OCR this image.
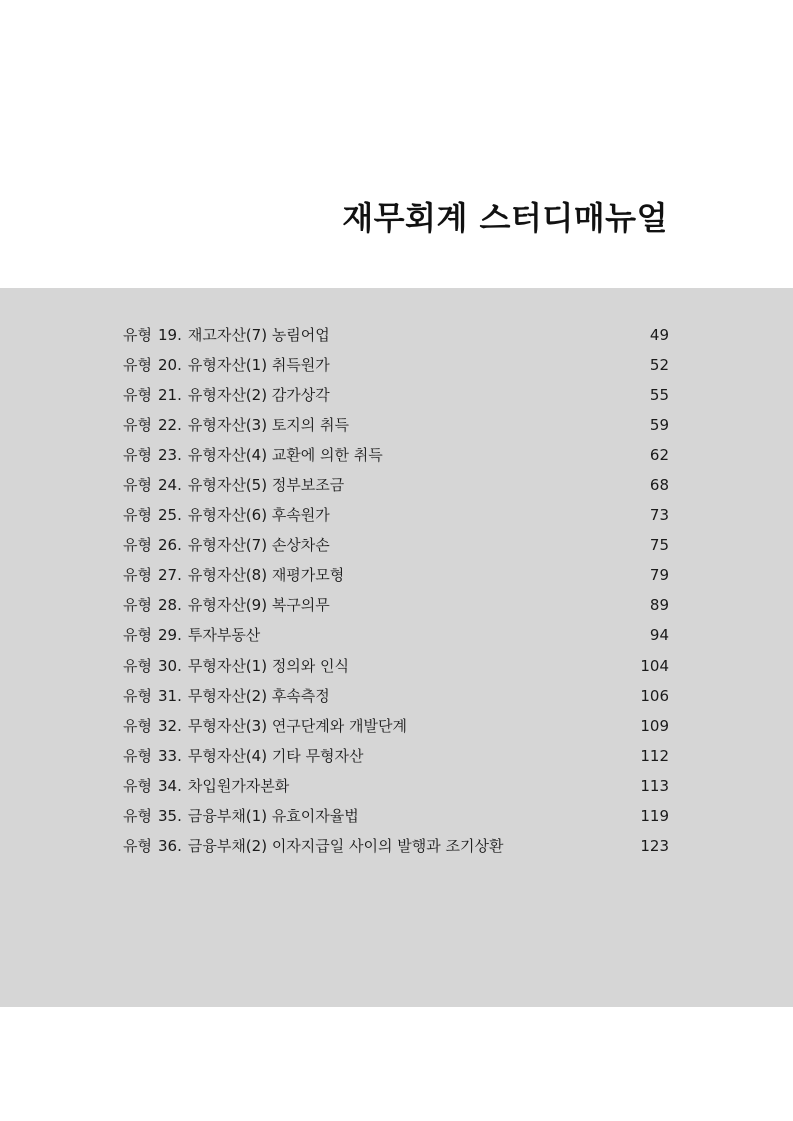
재무회계 스터디매뉴얼
유형 19. 재고자산(7) 농림어업	49
유형 20. 유형자산(1) 취득원가	52
유형 21. 유형자산(2) 감가상각	55
유형 22. 유형자산(3) 토지의 취득	59
유형 23. 유형자산(4) 교환에 의한 취득	62
유형 24. 유형자산(5) 정부보조금	68
유형 25. 유형자산(6) 후속원가	73
유형 26. 유형자산(7) 손상차손	75
유형 27. 유형자산(8) 재평가모형	79
유형 28. 유형자산(9) 복구의무	89
유형 29. 투자부동산	94
유형 30. 무형자산(1) 정의와 인식	104
유형 31. 무형자산(2) 후속측정	106
유형 32. 무형자산(3) 연구단계와 개발단계	109
유형 33. 무형자산(4) 기타 무형자산	112
유형 34. 차입원가자본화	113
유형 35. 금융부채(1) 유효이자율법	119
유형 36. 금융부채(2) 이자지급일 사이의 발행과 조기상환	123
